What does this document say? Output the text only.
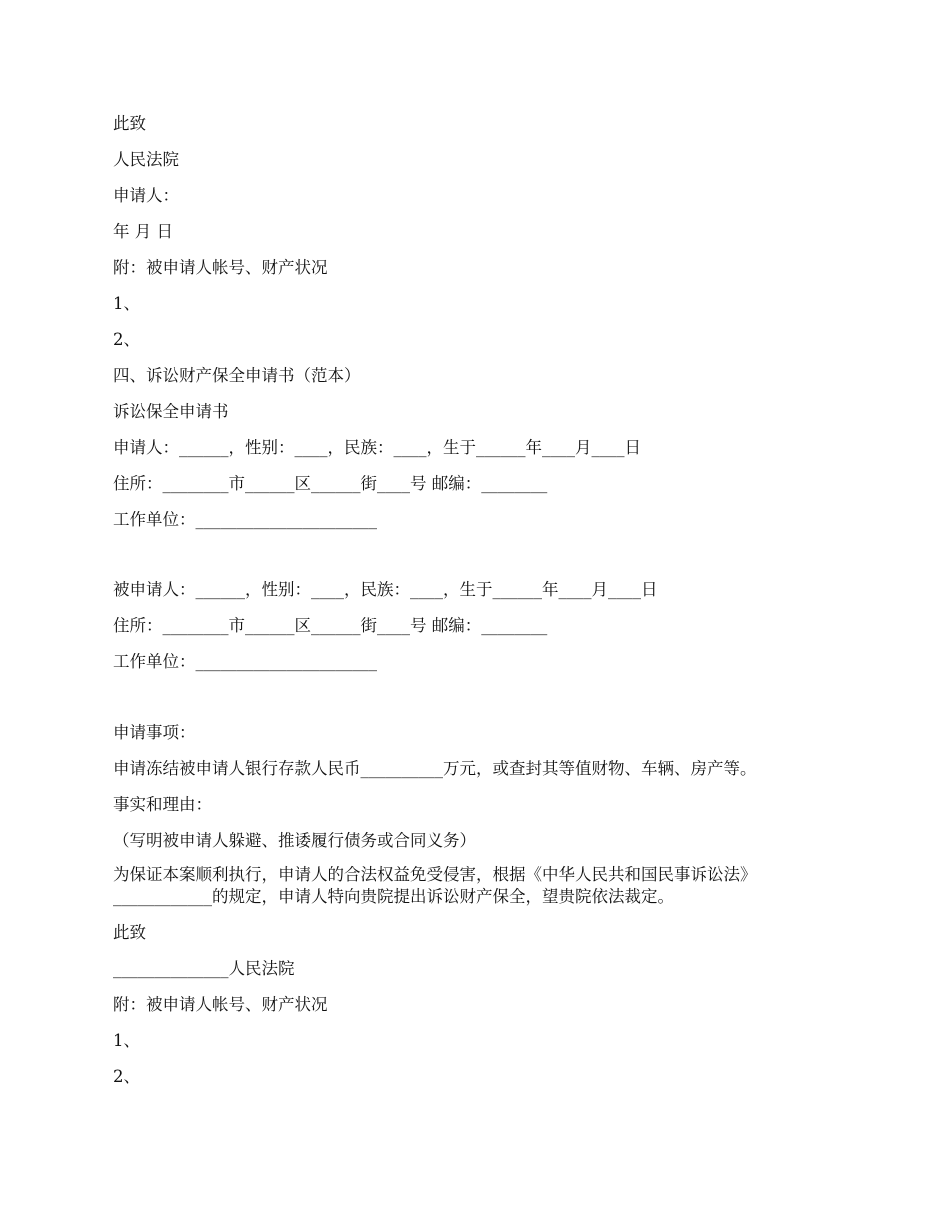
此致
人民法院
申请人：
年 月 日
附：被申请人帐号、财产状况
1、
2、
四、诉讼财产保全申请书（范本）
诉讼保全申请书
申请人：______，性别：____，民族：____，生于______年____月____日
住所：________市______区______街____号 邮编：________
工作单位：______________________
被申请人：______，性别：____，民族：____，生于______年____月____日
住所：________市______区______街____号 邮编：________
工作单位：______________________
申请事项：
申请冻结被申请人银行存款人民币__________万元，或查封其等值财物、车辆、房产等。
事实和理由：
（写明被申请人躲避、推诿履行债务或合同义务）
为保证本案顺利执行，申请人的合法权益免受侵害，根据《中华人民共和国民事诉讼法》____________的规定，申请人特向贵院提出诉讼财产保全，望贵院依法裁定。
此致
______________人民法院
附：被申请人帐号、财产状况
1、
2、
